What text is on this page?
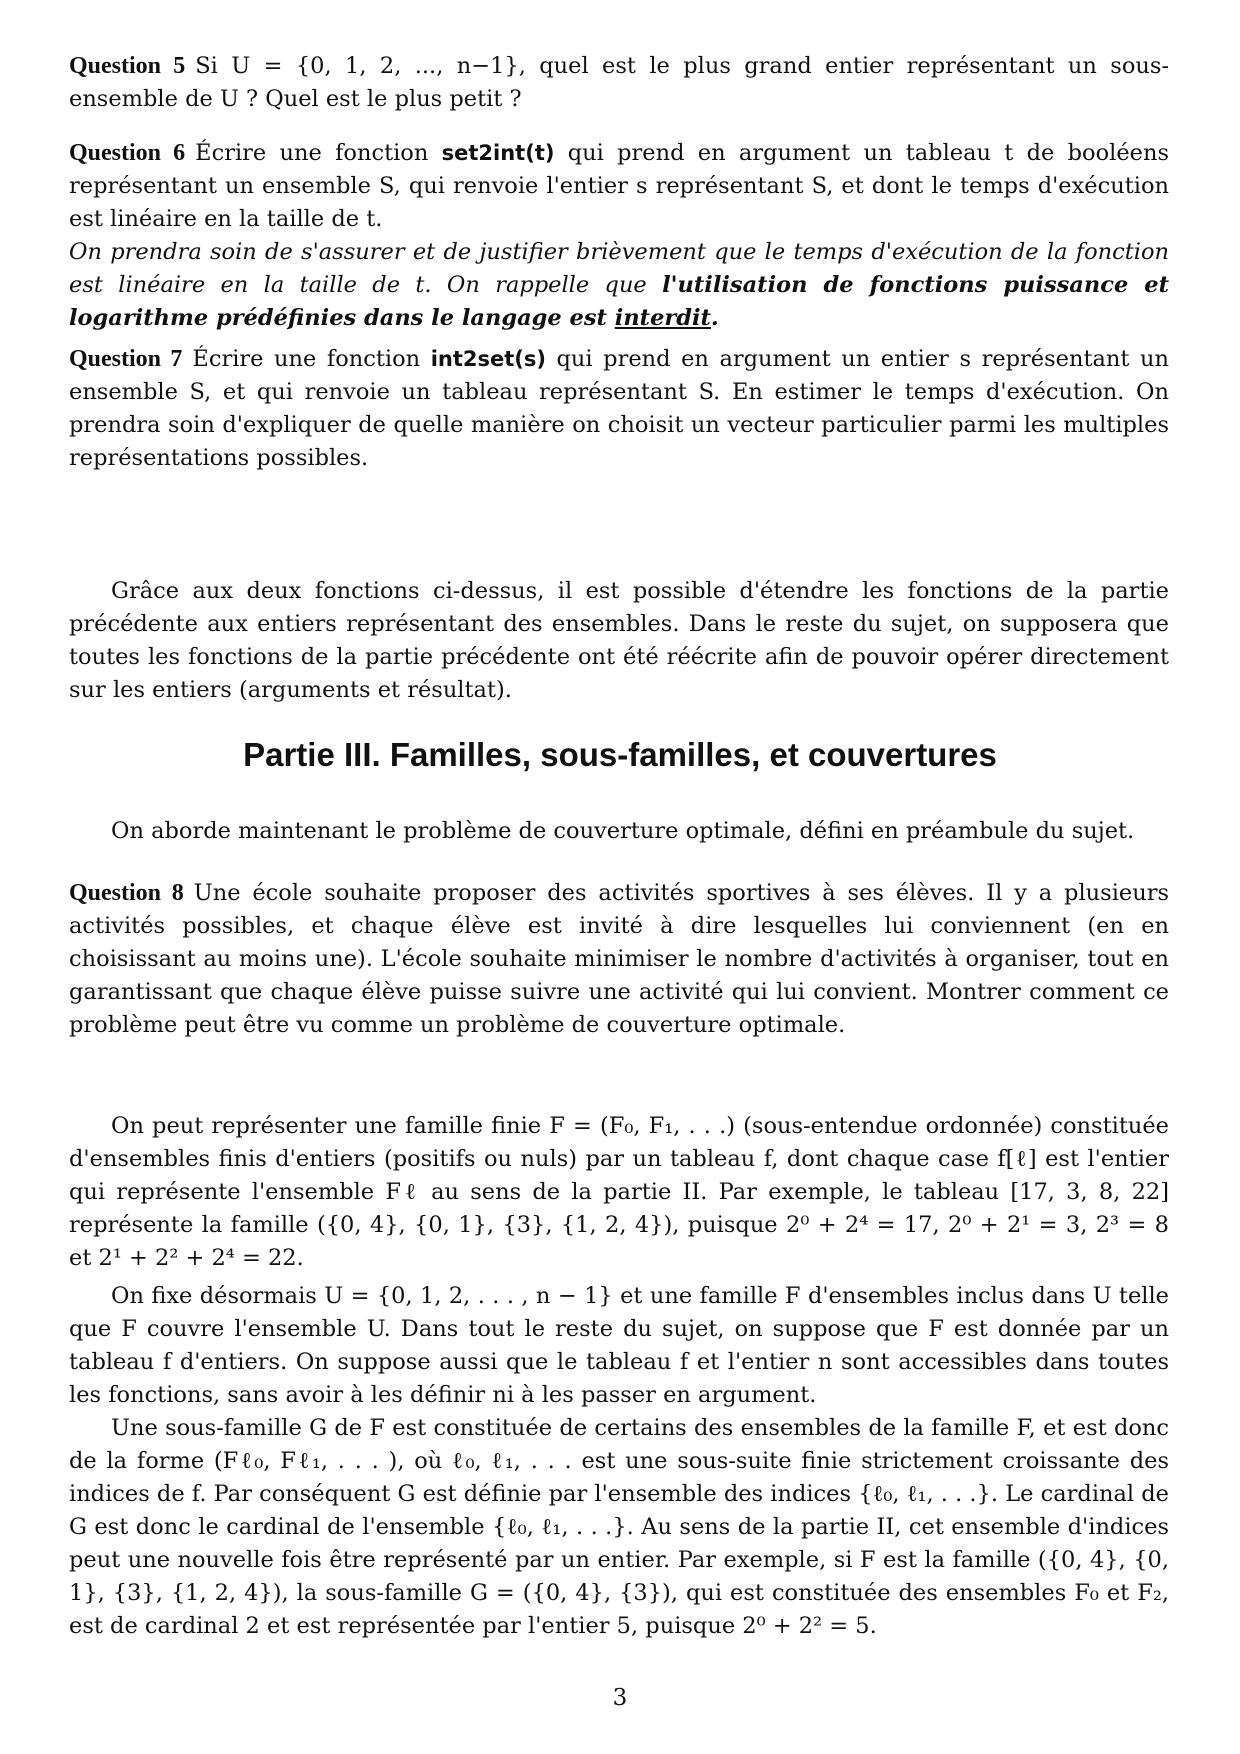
Question 5 Si U = {0, 1, 2, ..., n−1}, quel est le plus grand entier représentant un sous-ensemble de U ? Quel est le plus petit ?

Question 6 Écrire une fonction set2int(t) qui prend en argument un tableau t de booléens représentant un ensemble S, qui renvoie l'entier s représentant S, et dont le temps d'exécution est linéaire en la taille de t.

On prendra soin de s'assurer et de justifier brièvement que le temps d'exécution de la fonction est linéaire en la taille de t. On rappelle que l'utilisation de fonctions puissance et logarithme prédéfinies dans le langage est interdit.

Question 7 Écrire une fonction int2set(s) qui prend en argument un entier s représentant un ensemble S, et qui renvoie un tableau représentant S. En estimer le temps d'exécution. On prendra soin d'expliquer de quelle manière on choisit un vecteur particulier parmi les multiples représentations possibles.

Grâce aux deux fonctions ci-dessus, il est possible d'étendre les fonctions de la partie précédente aux entiers représentant des ensembles. Dans le reste du sujet, on supposera que toutes les fonctions de la partie précédente ont été réécrite afin de pouvoir opérer directement sur les entiers (arguments et résultat).

Partie III. Familles, sous-familles, et couvertures

On aborde maintenant le problème de couverture optimale, défini en préambule du sujet.

Question 8 Une école souhaite proposer des activités sportives à ses élèves. Il y a plusieurs activités possibles, et chaque élève est invité à dire lesquelles lui conviennent (en en choisissant au moins une). L'école souhaite minimiser le nombre d'activités à organiser, tout en garantissant que chaque élève puisse suivre une activité qui lui convient. Montrer comment ce problème peut être vu comme un problème de couverture optimale.

On peut représenter une famille finie F = (F₀, F₁, . . .) (sous-entendue ordonnée) constituée d'ensembles finis d'entiers (positifs ou nuls) par un tableau f, dont chaque case f[ℓ] est l'entier qui représente l'ensemble Fℓ au sens de la partie II. Par exemple, le tableau [17, 3, 8, 22] représente la famille ({0, 4}, {0, 1}, {3}, {1, 2, 4}), puisque 2⁰ + 2⁴ = 17, 2⁰ + 2¹ = 3, 2³ = 8 et 2¹ + 2² + 2⁴ = 22.

On fixe désormais U = {0, 1, 2, . . . , n − 1} et une famille F d'ensembles inclus dans U telle que F couvre l'ensemble U. Dans tout le reste du sujet, on suppose que F est donnée par un tableau f d'entiers. On suppose aussi que le tableau f et l'entier n sont accessibles dans toutes les fonctions, sans avoir à les définir ni à les passer en argument.

Une sous-famille G de F est constituée de certains des ensembles de la famille F, et est donc de la forme (Fℓ₀, Fℓ₁, . . . ), où ℓ₀, ℓ₁, . . . est une sous-suite finie strictement croissante des indices de f. Par conséquent G est définie par l'ensemble des indices {ℓ₀, ℓ₁, . . .}. Le cardinal de G est donc le cardinal de l'ensemble {ℓ₀, ℓ₁, . . .}. Au sens de la partie II, cet ensemble d'indices peut une nouvelle fois être représenté par un entier. Par exemple, si F est la famille ({0, 4}, {0, 1}, {3}, {1, 2, 4}), la sous-famille G = ({0, 4}, {3}), qui est constituée des ensembles F₀ et F₂, est de cardinal 2 et est représentée par l'entier 5, puisque 2⁰ + 2² = 5.

3
